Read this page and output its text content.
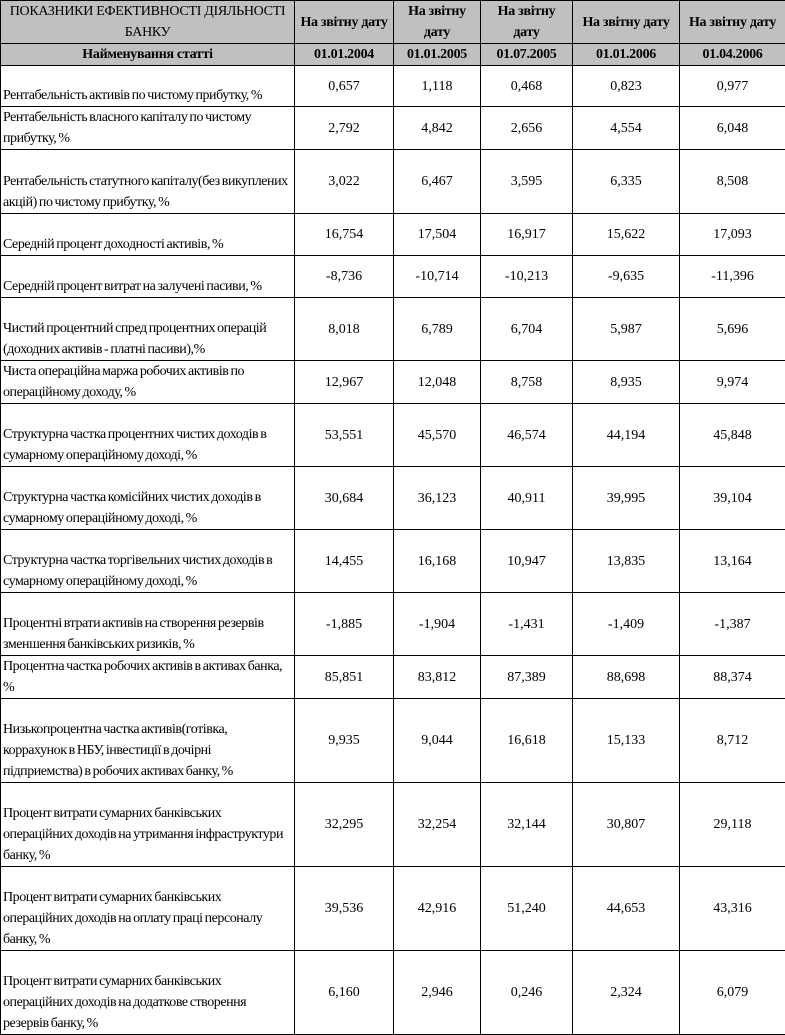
ПОКАЗНИКИ ЕФЕКТИВНОСТІ ДІЯЛЬНОСТІ БАНКУ	На звітну дату	На звітну дату	На звітну дату	На звітну дату	На звітну дату
Найменування статті	01.01.2004	01.01.2005	01.07.2005	01.01.2006	01.04.2006
Рентабельність активів по чистому прибутку, %	0,657	1,118	0,468	0,823	0,977
Рентабельність власного капіталу по чистому прибутку, %	2,792	4,842	2,656	4,554	6,048
Рентабельність статутного капіталу(без викуплених акцій) по чистому прибутку, %	3,022	6,467	3,595	6,335	8,508
Середній процент доходності активів, %	16,754	17,504	16,917	15,622	17,093
Середній процент витрат на залучені пасиви, %	-8,736	-10,714	-10,213	-9,635	-11,396
Чистий процентний спред процентних операцій (доходних активів - платні пасиви),%	8,018	6,789	6,704	5,987	5,696
Чиста операційна маржа робочих активів по операційному доходу, %	12,967	12,048	8,758	8,935	9,974
Структурна частка процентних чистих доходів в сумарному операційному доході, %	53,551	45,570	46,574	44,194	45,848
Структурна частка комісійних чистих доходів в сумарному операційному доході, %	30,684	36,123	40,911	39,995	39,104
Структурна частка торгівельних чистих доходів в сумарному операційному доході, %	14,455	16,168	10,947	13,835	13,164
Процентні втрати активів на створення резервів зменшення банківських ризиків, %	-1,885	-1,904	-1,431	-1,409	-1,387
Процентна частка робочих активів в активах банка, %	85,851	83,812	87,389	88,698	88,374
Низькопроцентна частка активів(готівка, коррахунок в НБУ, інвестиції в дочірні підприемства) в робочих активах банку, %	9,935	9,044	16,618	15,133	8,712
Процент витрати сумарних банківських операційних доходів на утримання інфраструктури банку, %	32,295	32,254	32,144	30,807	29,118
Процент витрати сумарних банківських операційних доходів на оплату праці персоналу банку, %	39,536	42,916	51,240	44,653	43,316
Процент витрати сумарних банківських операційних доходів на додаткове створення резервів банку, %	6,160	2,946	0,246	2,324	6,079
